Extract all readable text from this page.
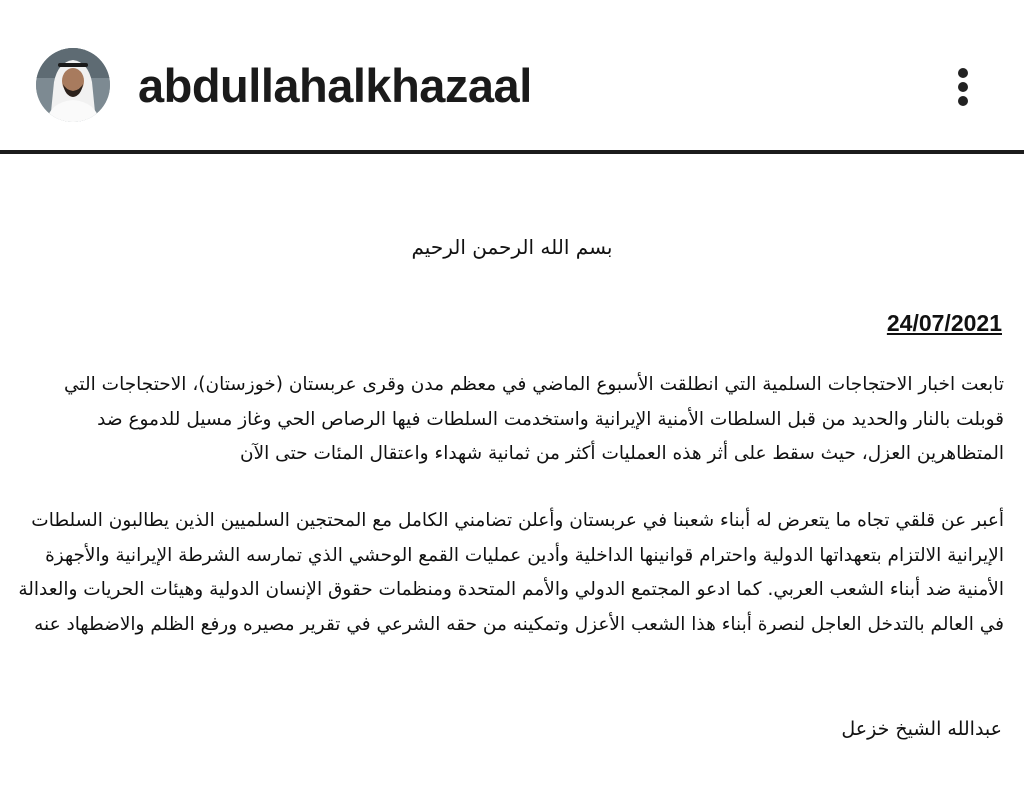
abdullahalkhazaal
بسم الله الرحمن الرحيم
24/07/2021

تابعت اخبار الاحتجاجات السلمية التي انطلقت الأسبوع الماضي في معظم مدن وقرى عربستان (خوزستان)، الاحتجاجات التي قوبلت بالنار والحديد من قبل السلطات الأمنية الإيرانية واستخدمت السلطات فيها الرصاص الحي وغاز مسيل للدموع ضد المتظاهرين العزل، حيث سقط على أثر هذه العمليات أكثر من ثمانية شهداء واعتقال المئات حتى الآن

أعبر عن قلقي تجاه ما يتعرض له أبناء شعبنا في عربستان وأعلن تضامني الكامل مع المحتجين السلميين الذين يطالبون السلطات الإيرانية الالتزام بتعهداتها الدولية واحترام قوانينها الداخلية وأدين عمليات القمع الوحشي الذي تمارسه الشرطة الإيرانية والأجهزة الأمنية ضد أبناء الشعب العربي. كما ادعو المجتمع الدولي والأمم المتحدة ومنظمات حقوق الإنسان الدولية وهيئات الحريات والعدالة في العالم بالتدخل العاجل لنصرة أبناء هذا الشعب الأعزل وتمكينه من حقه الشرعي في تقرير مصيره ورفع الظلم والاضطهاد عنه

عبدالله الشيخ خزعل
